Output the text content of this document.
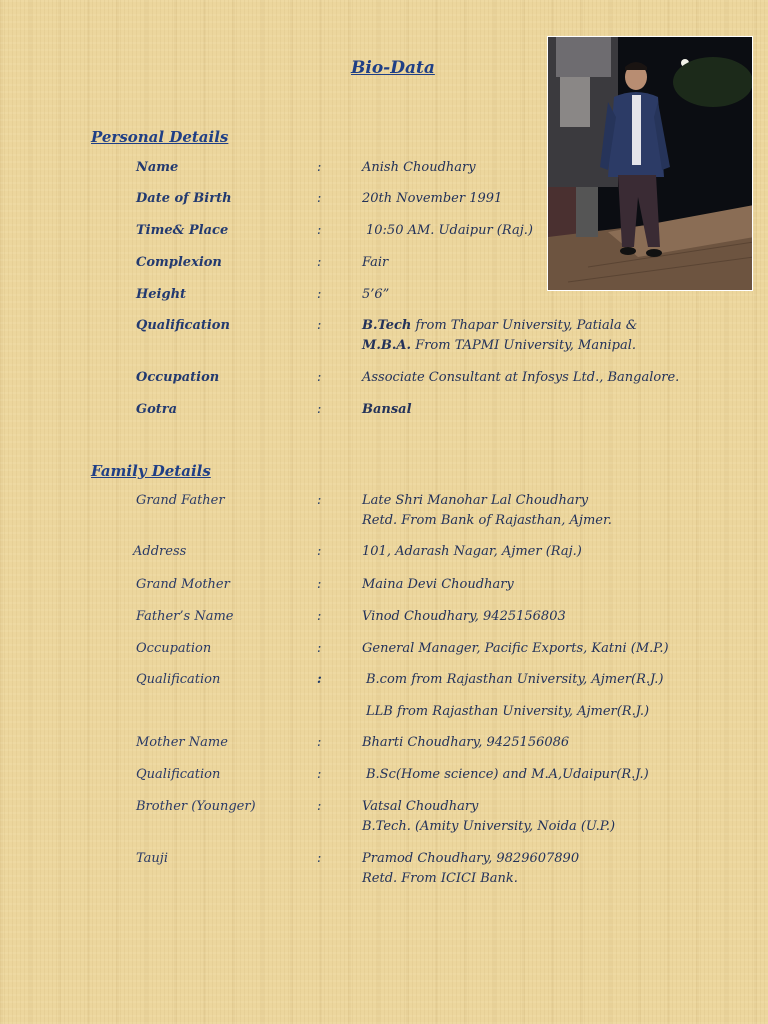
Bio-Data
Personal Details
Name	:	Anish Choudhary
Date of Birth	:	20th November 1991
Time& Place	:	10:50 AM. Udaipur (Raj.)
Complexion	:	Fair
Height	:	5’6”
Qualification	:	B.Tech from Thapar University, Patiala &
M.B.A. From TAPMI University, Manipal.
Occupation	:	Associate Consultant at Infosys Ltd., Bangalore.
Gotra	:	Bansal
Family Details
Grand Father	:	Late Shri Manohar Lal Choudhary
Retd. From Bank of Rajasthan, Ajmer.
Address	:	101, Adarash Nagar, Ajmer (Raj.)
Grand Mother	:	Maina Devi Choudhary
Father’s Name	:	Vinod Choudhary, 9425156803
Occupation	:	General Manager, Pacific Exports, Katni (M.P.)
Qualification	:	B.com from Rajasthan University, Ajmer(R.J.)
LLB from Rajasthan University, Ajmer(R.J.)
Mother Name	:	Bharti Choudhary, 9425156086
Qualification	:	B.Sc(Home science) and M.A,Udaipur(R.J.)
Brother (Younger)	:	Vatsal Choudhary
B.Tech. (Amity University, Noida (U.P.)
Tauji	:	Pramod Choudhary, 9829607890
Retd. From ICICI Bank.
